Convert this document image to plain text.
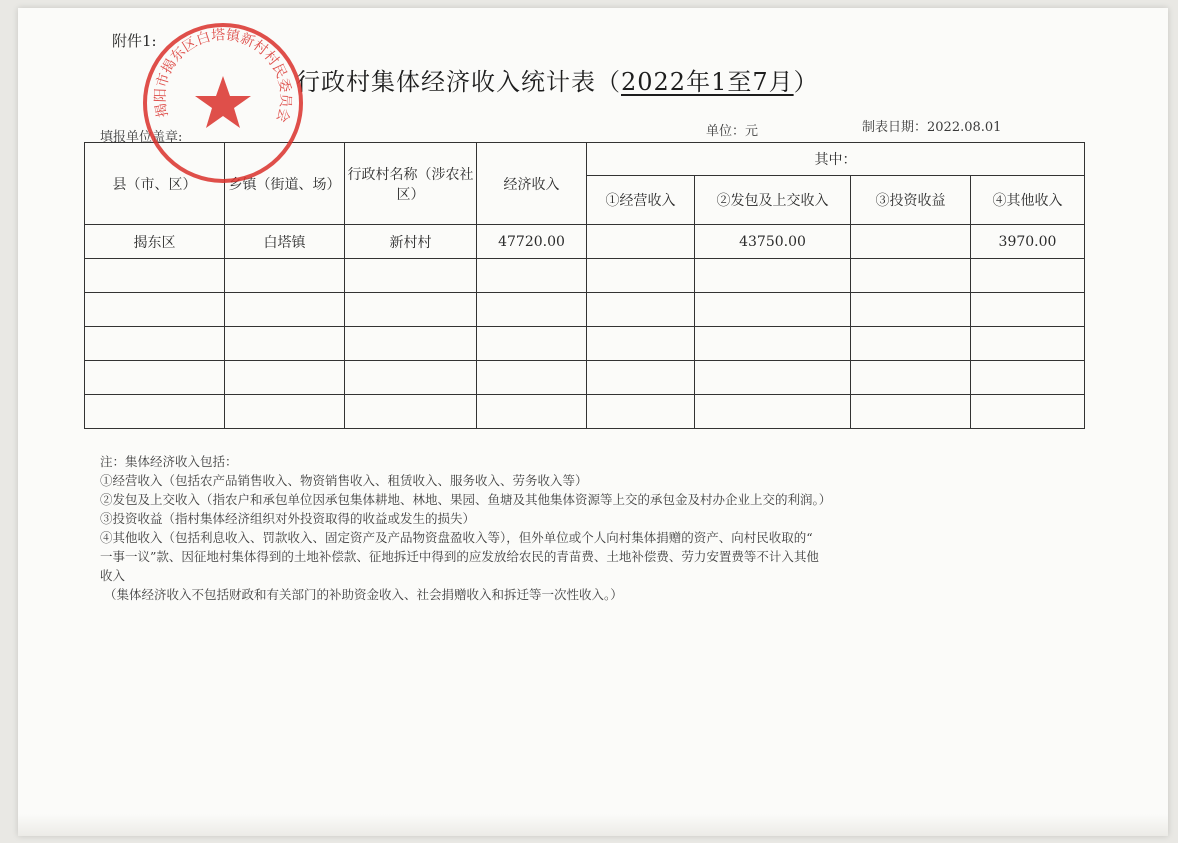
附件1:
行政村集体经济收入统计表（2022年1至7月）
填报单位盖章:	单位：元	制表日期：2022.08.01
县（市、区）	乡镇（街道、场）	行政村名称（涉农社区）	经济收入	其中：			
				①经营收入	②发包及上交收入	③投资收益	④其他收入
揭东区	白塔镇	新村村	47720.00		43750.00		3970.00

注：集体经济收入包括：
①经营收入（包括农产品销售收入、物资销售收入、租赁收入、服务收入、劳务收入等）
②发包及上交收入（指农户和承包单位因承包集体耕地、林地、果园、鱼塘及其他集体资源等上交的承包金及村办企业上交的利润。）
③投资收益（指村集体经济组织对外投资取得的收益或发生的损失）
④其他收入（包括利息收入、罚款收入、固定资产及产品物资盘盈收入等），但外单位或个人向村集体捐赠的资产、向村民收取的“
一事一议”款、因征地村集体得到的土地补偿款、征地拆迁中得到的应发放给农民的青苗费、土地补偿费、劳力安置费等不计入其他
收入
（集体经济收入不包括财政和有关部门的补助资金收入、社会捐赠收入和拆迁等一次性收入。）
揭阳市揭东区白塔镇新村村民委员会
